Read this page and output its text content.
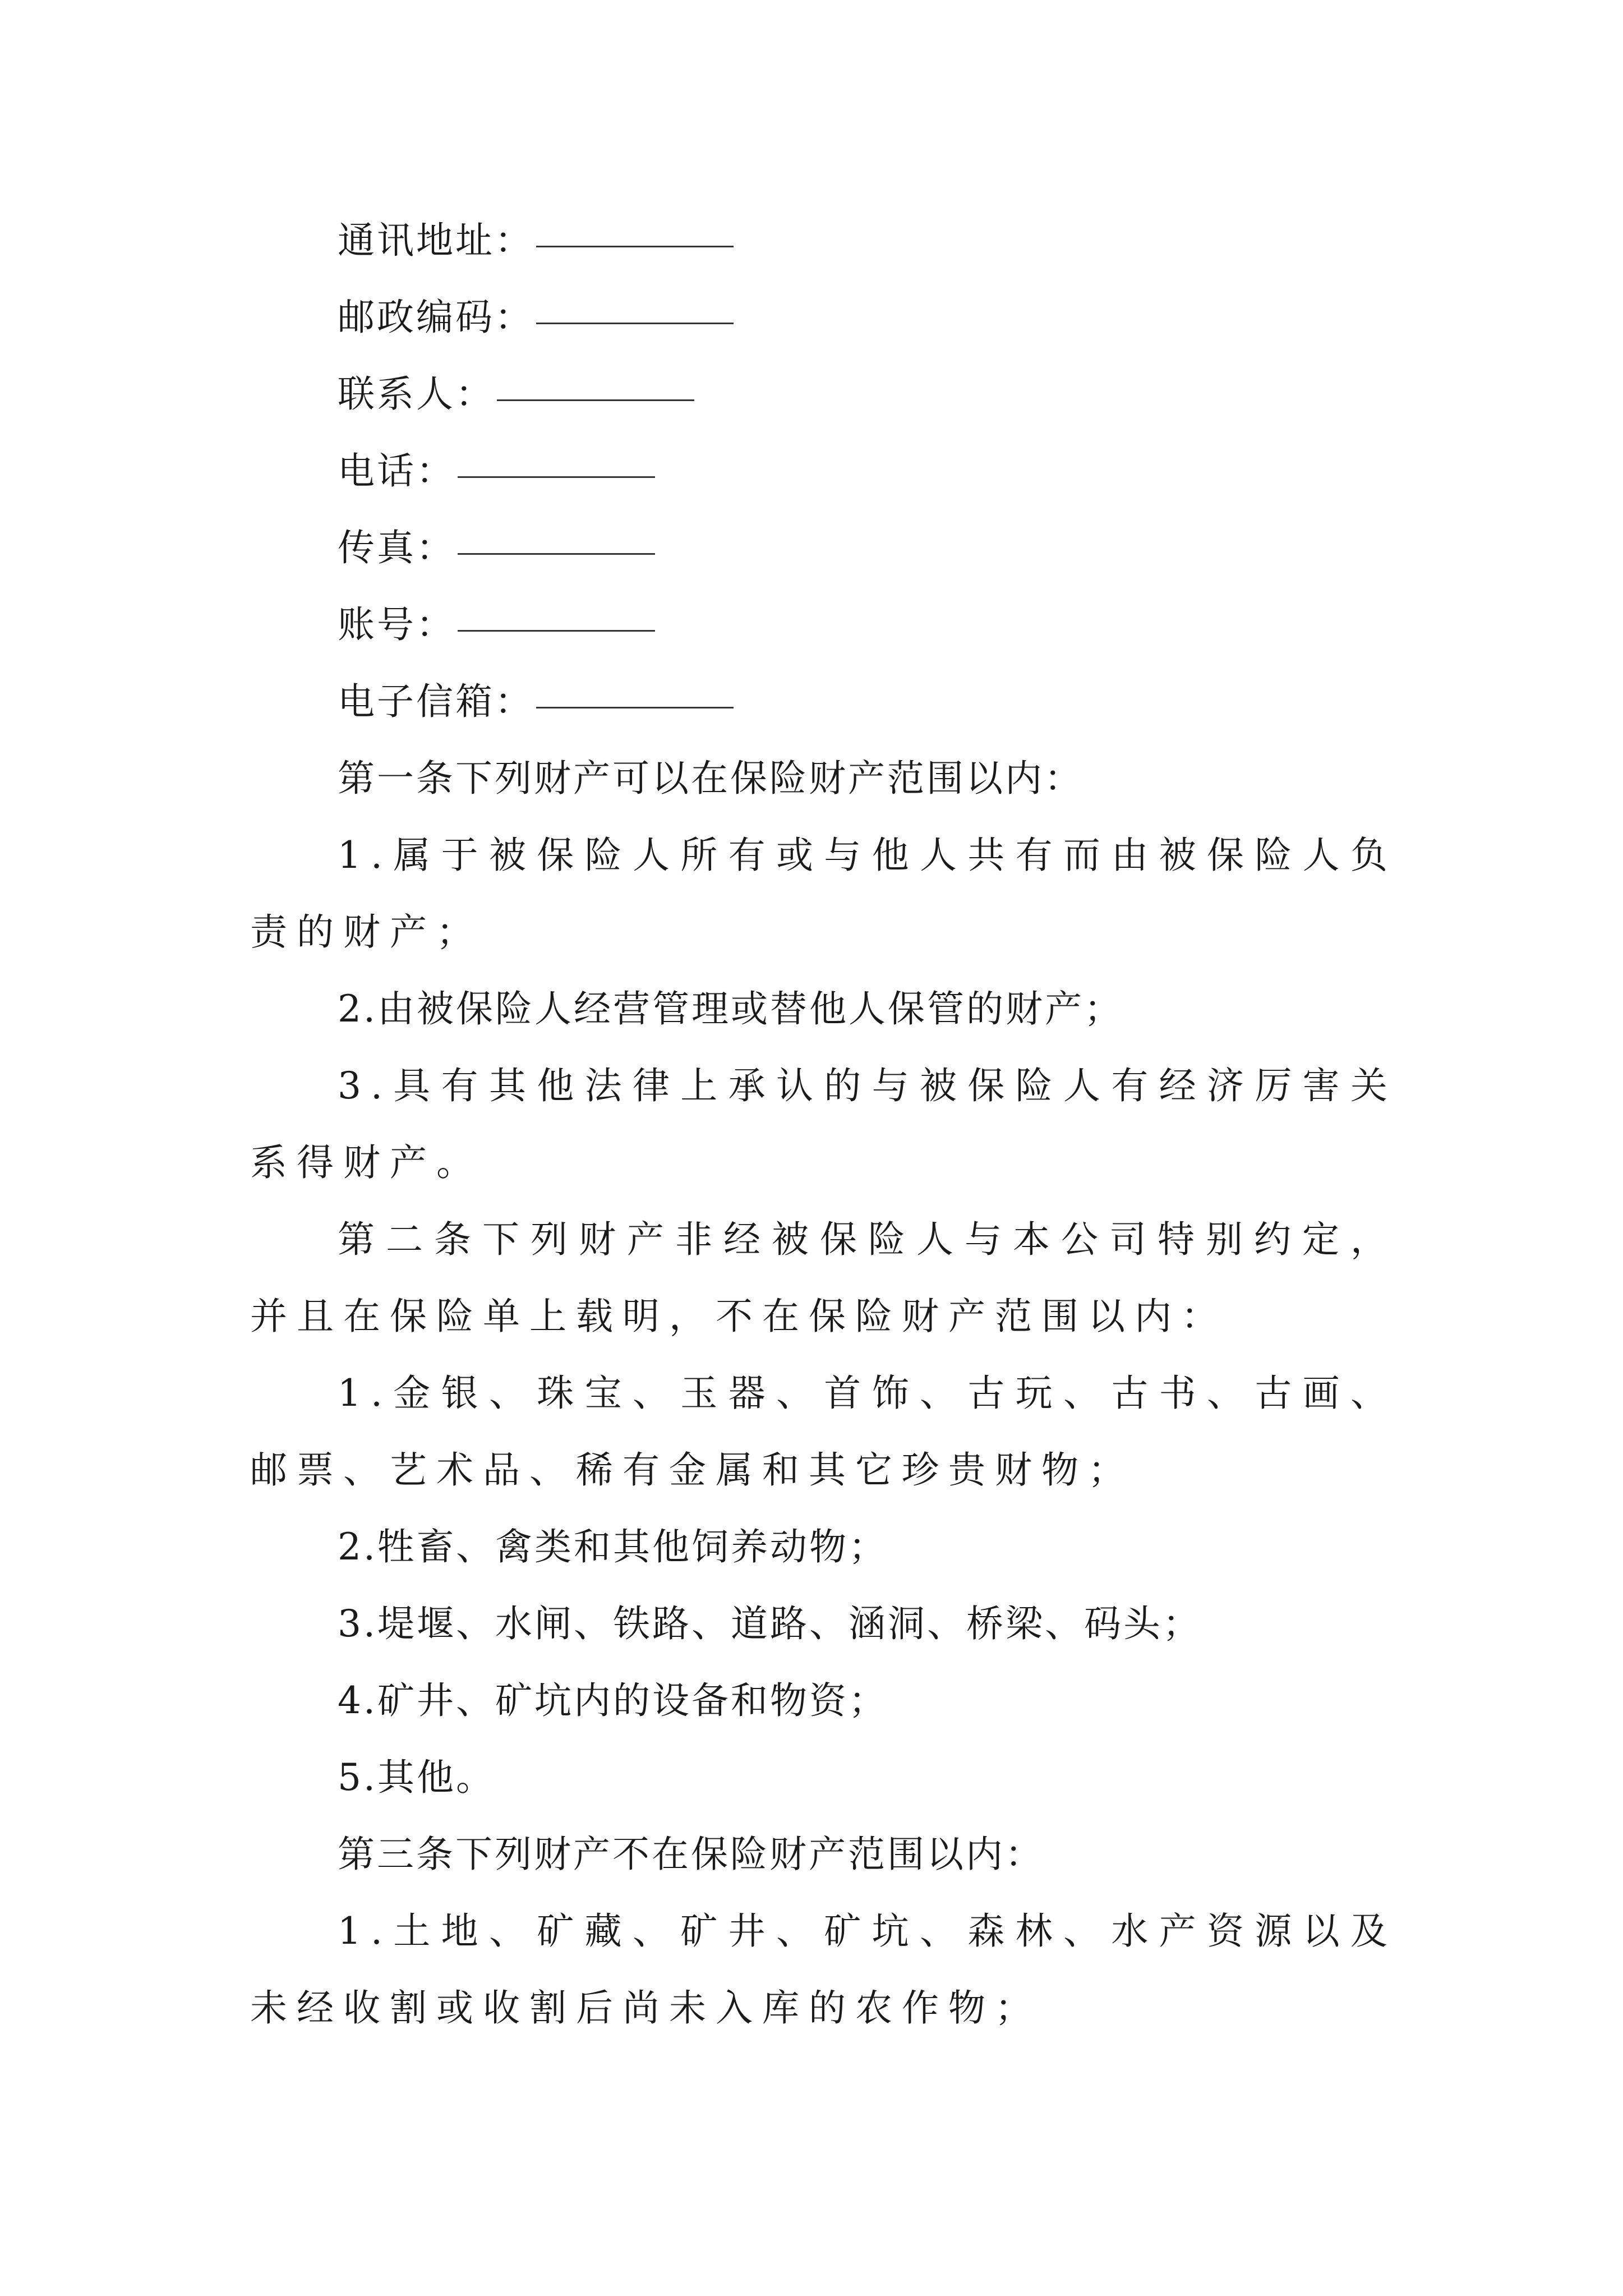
通讯地址：
邮政编码：
联系人：
电话：
传真：
账号：
电子信箱：
第一条下列财产可以在保险财产范围以内：
1.属于被保险人所有或与他人共有而由被保险人负责的财产；
2.由被保险人经营管理或替他人保管的财产；
3.具有其他法律上承认的与被保险人有经济厉害关系得财产。
第二条下列财产非经被保险人与本公司特别约定，并且在保险单上载明，不在保险财产范围以内：
1.金银、珠宝、玉器、首饰、古玩、古书、古画、邮票、艺术品、稀有金属和其它珍贵财物；
2.牲畜、禽类和其他饲养动物；
3.堤堰、水闸、铁路、道路、涵洞、桥梁、码头；
4.矿井、矿坑内的设备和物资；
5.其他。
第三条下列财产不在保险财产范围以内：
1.土地、矿藏、矿井、矿坑、森林、水产资源以及未经收割或收割后尚未入库的农作物；
